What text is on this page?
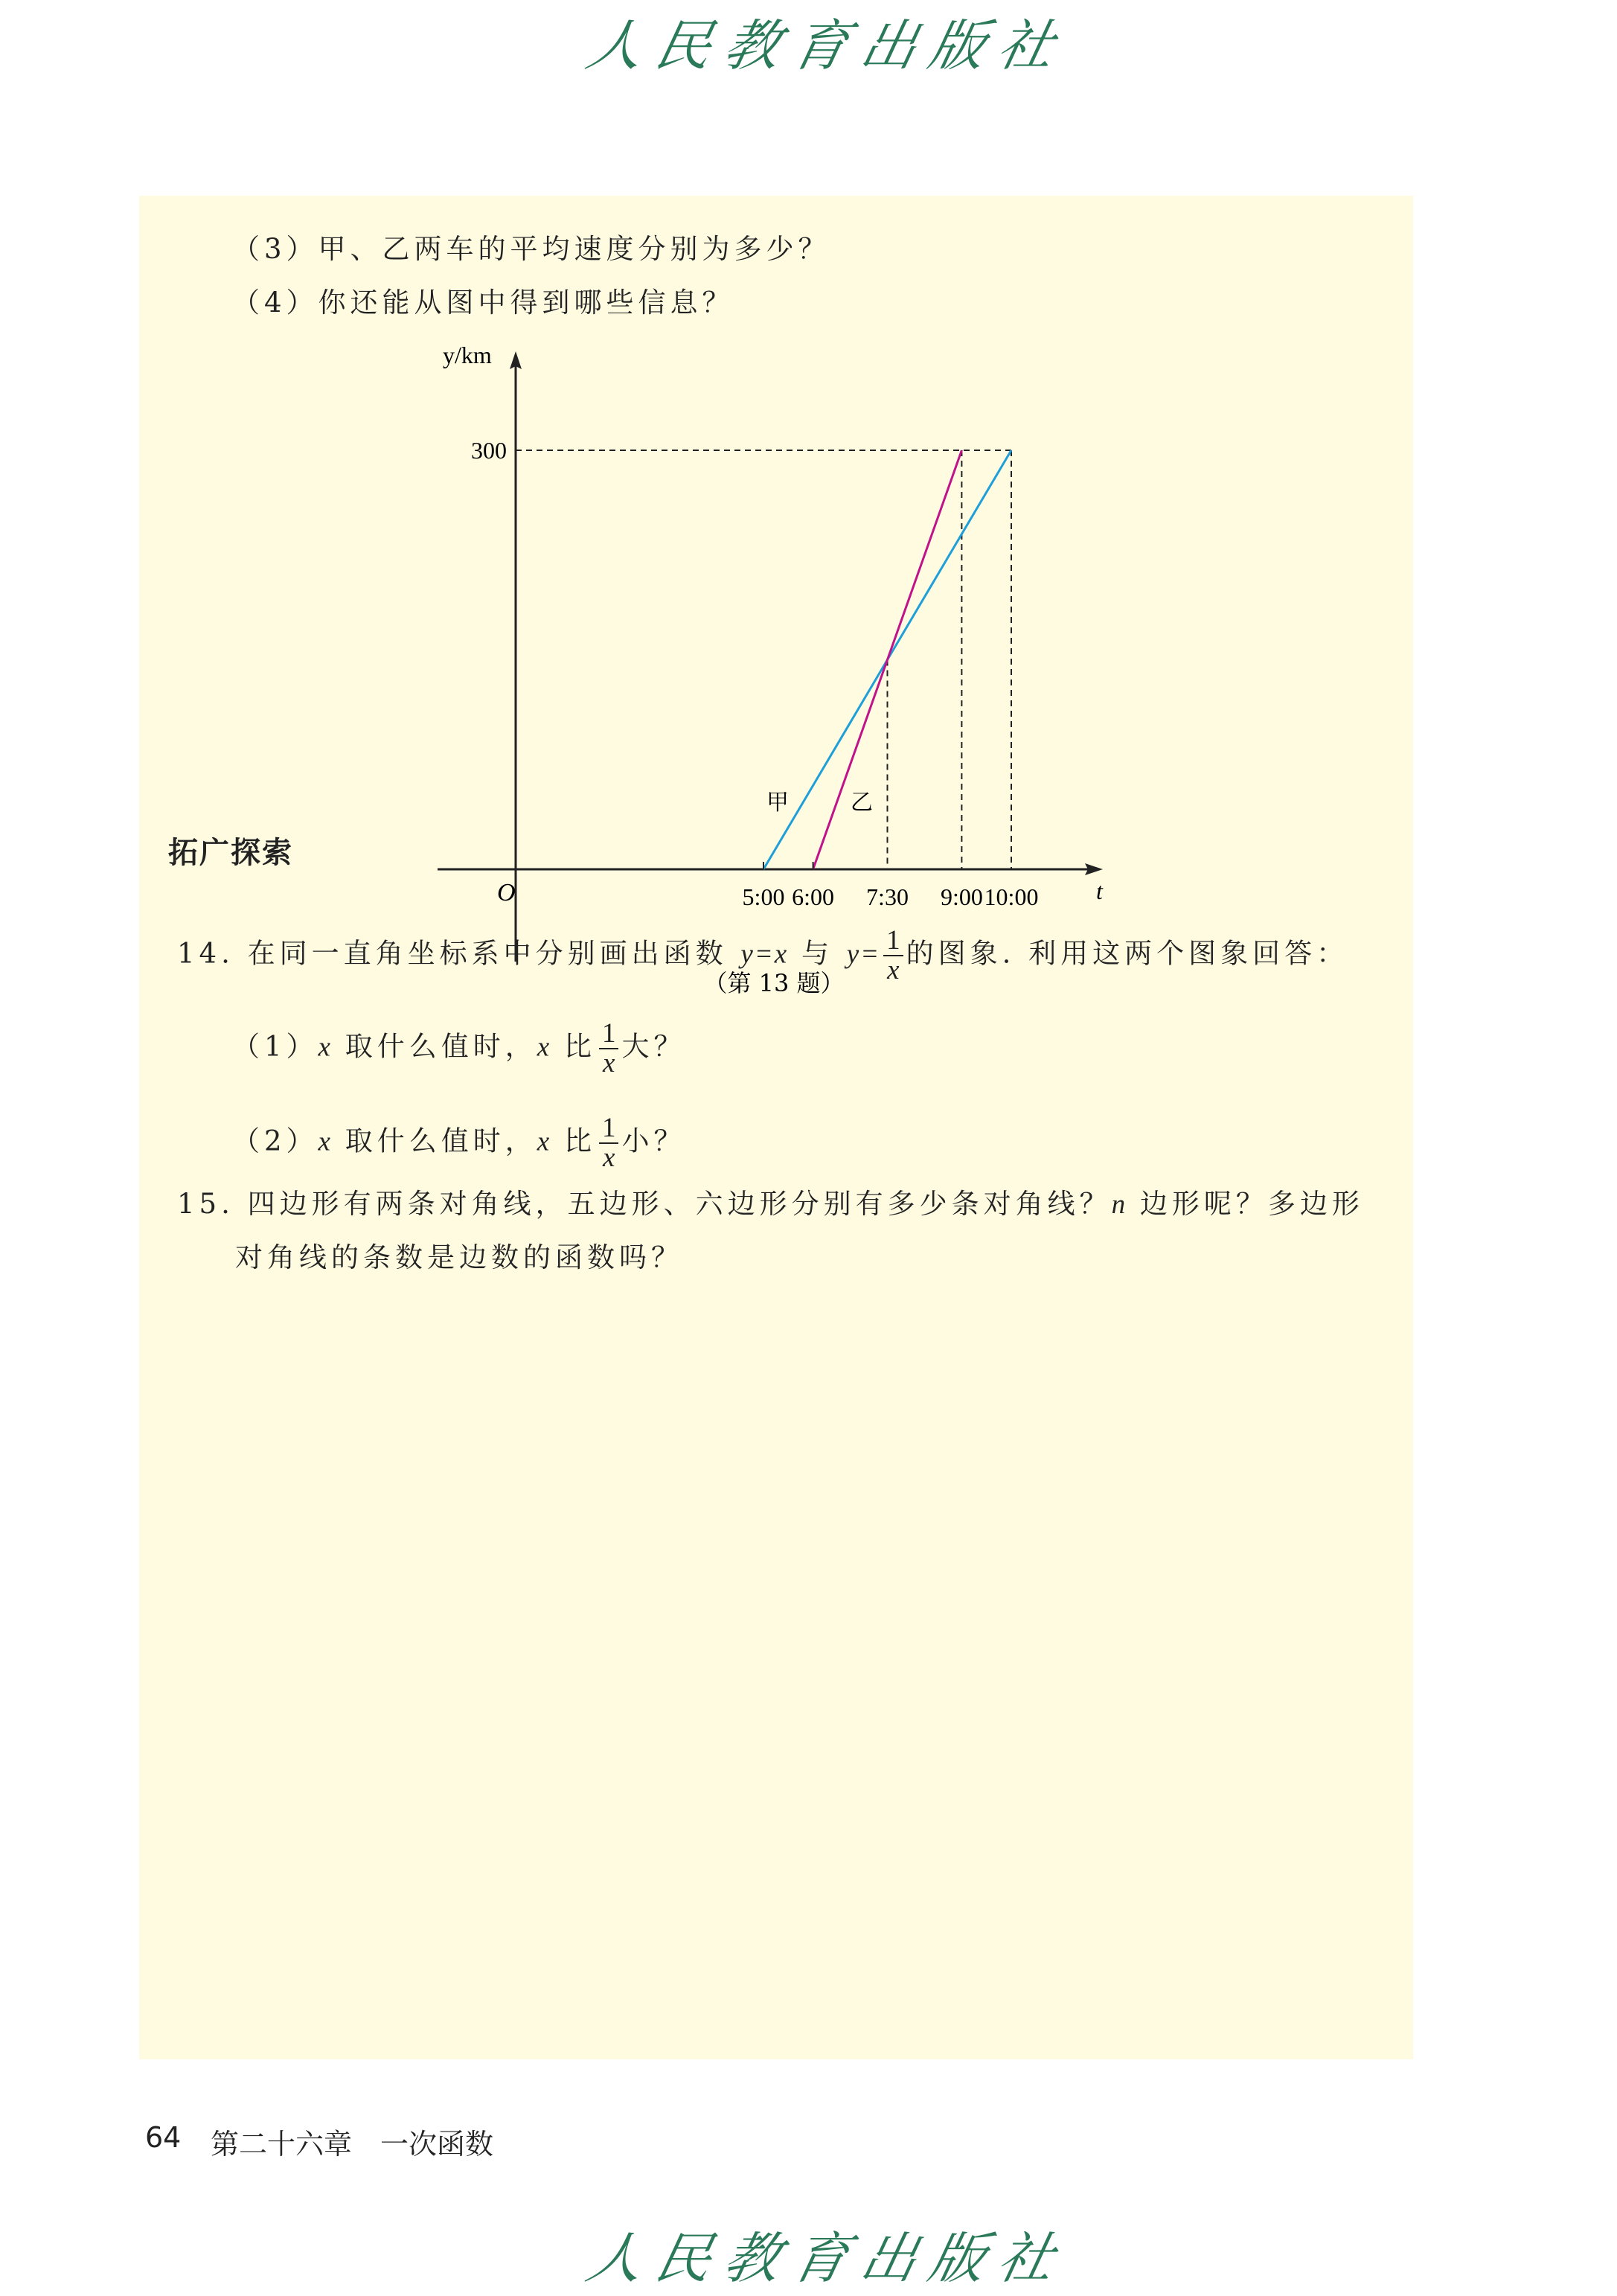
人民教育出版社
（3）甲、乙两车的平均速度分别为多少？
（4）你还能从图中得到哪些信息？
y/km
O	t
300
5:00 6:00 7:30 9:00 10:00
甲	乙
（第 13 题）
拓广探索
14. 在同一直角坐标系中分别画出函数 y=x 与 $y= \frac{1}{x}$ 的图象. 利用这两个图象回答：
（1）x 取什么值时，x 比 $\frac{1}{x}$ 大？
（2）x 取什么值时，x 比 $\frac{1}{x}$ 小？
15. 四边形有两条对角线，五边形、六边形分别有多少条对角线？n 边形呢？多边形
对角线的条数是边数的函数吗？
64 第二十六章　一次函数
人民教育出版社
